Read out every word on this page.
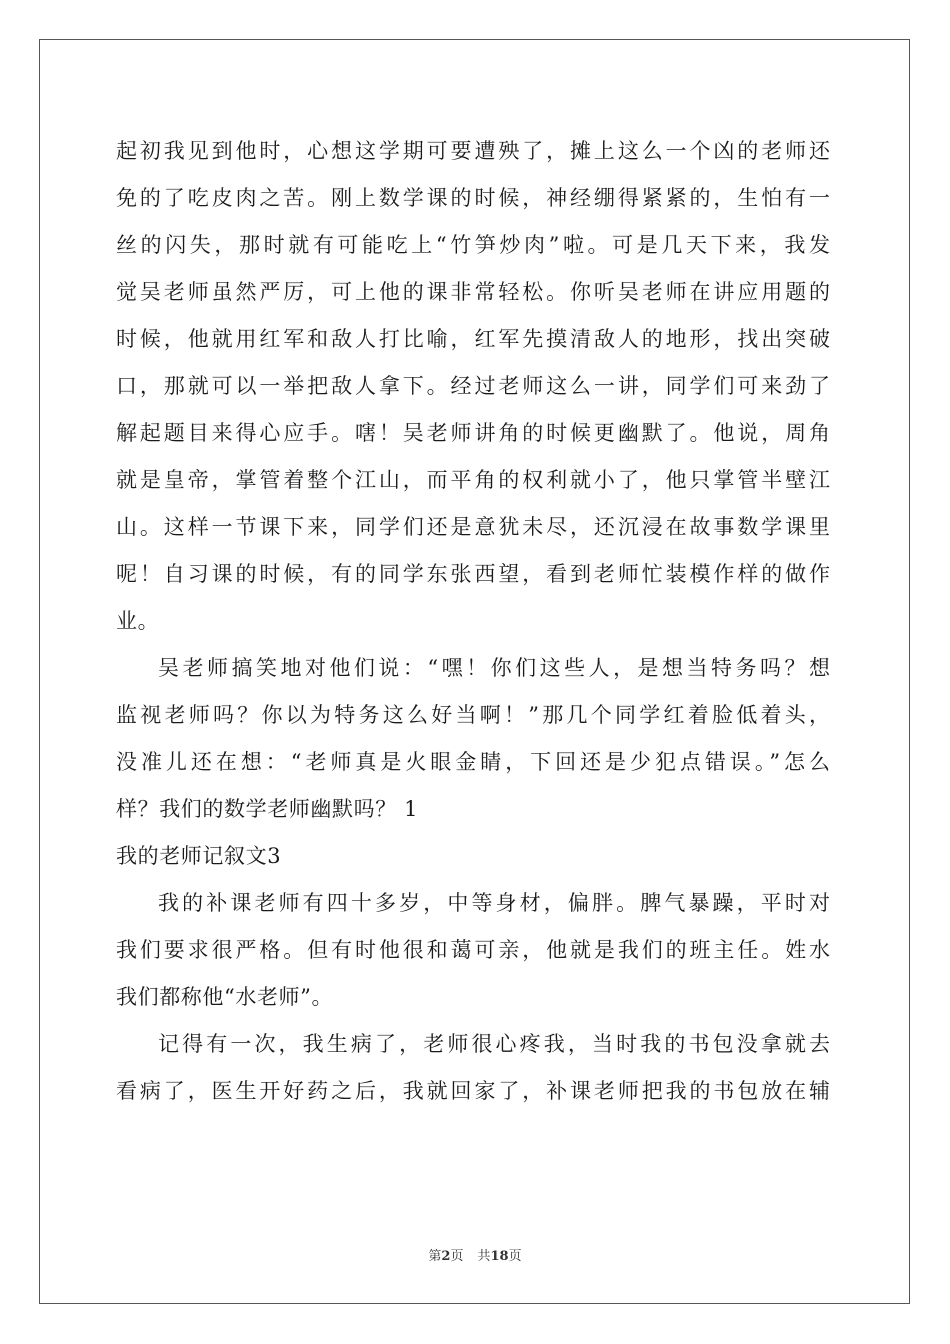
起初我见到他时，心想这学期可要遭殃了，摊上这么一个凶的老师还
免的了吃皮肉之苦。刚上数学课的时候，神经绷得紧紧的，生怕有一
丝的闪失，那时就有可能吃上“竹笋炒肉”啦。可是几天下来，我发
觉吴老师虽然严厉，可上他的课非常轻松。你听吴老师在讲应用题的
时候，他就用红军和敌人打比喻，红军先摸清敌人的地形，找出突破
口，那就可以一举把敌人拿下。经过老师这么一讲，同学们可来劲了
解起题目来得心应手。嗐！吴老师讲角的时候更幽默了。他说，周角
就是皇帝，掌管着整个江山，而平角的权利就小了，他只掌管半壁江
山。这样一节课下来，同学们还是意犹未尽，还沉浸在故事数学课里
呢！自习课的时候，有的同学东张西望，看到老师忙装模作样的做作
业。
吴老师搞笑地对他们说：“嘿！你们这些人，是想当特务吗？想
监视老师吗？你以为特务这么好当啊！”那几个同学红着脸低着头，
没准儿还在想：“老师真是火眼金睛，下回还是少犯点错误。”怎么
样？我们的数学老师幽默吗？ 1
我的老师记叙文3
我的补课老师有四十多岁，中等身材，偏胖。脾气暴躁，平时对
我们要求很严格。但有时他很和蔼可亲，他就是我们的班主任。姓水
我们都称他“水老师”。
记得有一次，我生病了，老师很心疼我，当时我的书包没拿就去
看病了，医生开好药之后，我就回家了，补课老师把我的书包放在辅
第2页 共18页
